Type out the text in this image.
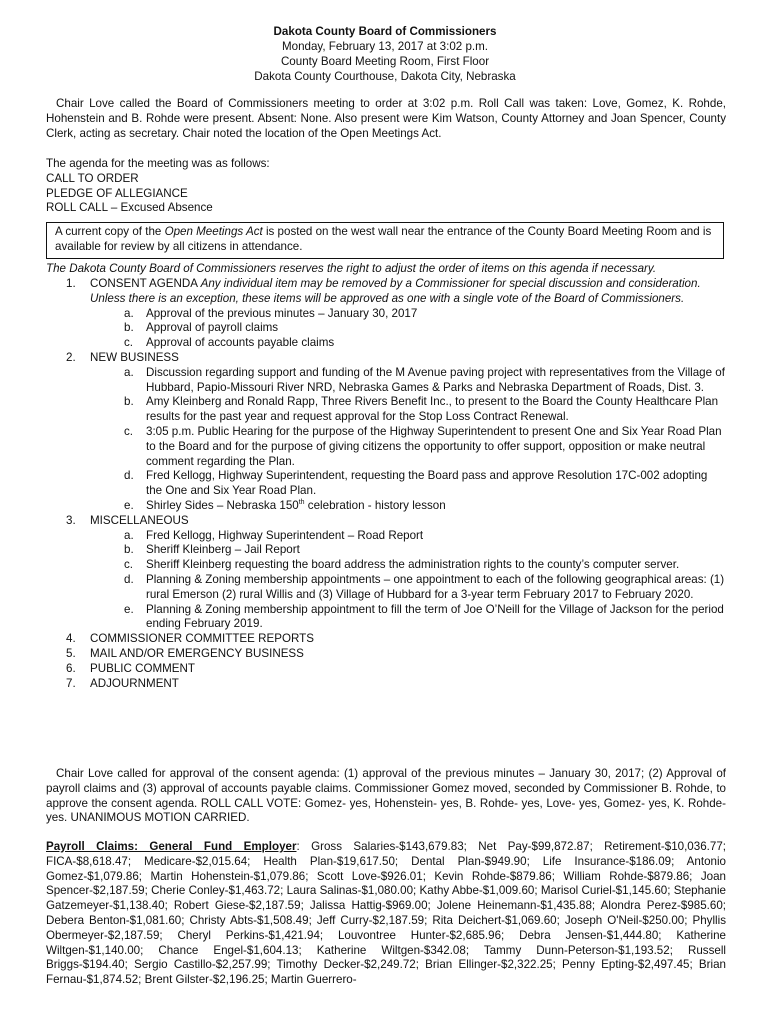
Dakota County Board of Commissioners
Monday, February 13, 2017 at 3:02 p.m.
County Board Meeting Room, First Floor
Dakota County Courthouse, Dakota City, Nebraska

Chair Love called the Board of Commissioners meeting to order at 3:02 p.m. Roll Call was taken: Love, Gomez, K. Rohde, Hohenstein and B. Rohde were present. Absent: None. Also present were Kim Watson, County Attorney and Joan Spencer, County Clerk, acting as secretary. Chair noted the location of the Open Meetings Act.

The agenda for the meeting was as follows:

CALL TO ORDER

PLEDGE OF ALLEGIANCE

ROLL CALL – Excused Absence

A current copy of the Open Meetings Act is posted on the west wall near the entrance of the County Board Meeting Room and is available for review by all citizens in attendance.
The Dakota County Board of Commissioners reserves the right to adjust the order of items on this agenda if necessary.
1. CONSENT AGENDA Any individual item may be removed by a Commissioner for special discussion and consideration. Unless there is an exception, these items will be approved as one with a single vote of the Board of Commissioners.
a. Approval of the previous minutes – January 30, 2017
b. Approval of payroll claims
c. Approval of accounts payable claims
2. NEW BUSINESS
a. Discussion regarding support and funding of the M Avenue paving project with representatives from the Village of Hubbard, Papio-Missouri River NRD, Nebraska Games & Parks and Nebraska Department of Roads, Dist. 3.
b. Amy Kleinberg and Ronald Rapp, Three Rivers Benefit Inc., to present to the Board the County Healthcare Plan results for the past year and request approval for the Stop Loss Contract Renewal.
c. 3:05 p.m. Public Hearing for the purpose of the Highway Superintendent to present One and Six Year Road Plan to the Board and for the purpose of giving citizens the opportunity to offer support, opposition or make neutral comment regarding the Plan.
d. Fred Kellogg, Highway Superintendent, requesting the Board pass and approve Resolution 17C-002 adopting the One and Six Year Road Plan.
e. Shirley Sides – Nebraska 150th celebration - history lesson
3. MISCELLANEOUS
a. Fred Kellogg, Highway Superintendent – Road Report
b. Sheriff Kleinberg – Jail Report
c. Sheriff Kleinberg requesting the board address the administration rights to the county’s computer server.
d. Planning & Zoning membership appointments – one appointment to each of the following geographical areas: (1) rural Emerson (2) rural Willis and (3) Village of Hubbard for a 3-year term February 2017 to February 2020.
e. Planning & Zoning membership appointment to fill the term of Joe O’Neill for the Village of Jackson for the period ending February 2019.
4. COMMISSIONER COMMITTEE REPORTS
5. MAIL AND/OR EMERGENCY BUSINESS
6. PUBLIC COMMENT
7. ADJOURNMENT

Chair Love called for approval of the consent agenda: (1) approval of the previous minutes – January 30, 2017; (2) Approval of payroll claims and (3) approval of accounts payable claims. Commissioner Gomez moved, seconded by Commissioner B. Rohde, to approve the consent agenda. ROLL CALL VOTE: Gomez- yes, Hohenstein- yes, B. Rohde- yes, Love- yes, Gomez- yes, K. Rohde- yes. UNANIMOUS MOTION CARRIED.

Payroll Claims: General Fund Employer: Gross Salaries-$143,679.83; Net Pay-$99,872.87; Retirement-$10,036.77; FICA-$8,618.47; Medicare-$2,015.64; Health Plan-$19,617.50; Dental Plan-$949.90; Life Insurance-$186.09; Antonio Gomez-$1,079.86; Martin Hohenstein-$1,079.86; Scott Love-$926.01; Kevin Rohde-$879.86; William Rohde-$879.86; Joan Spencer-$2,187.59; Cherie Conley-$1,463.72; Laura Salinas-$1,080.00; Kathy Abbe-$1,009.60; Marisol Curiel-$1,145.60; Stephanie Gatzemeyer-$1,138.40; Robert Giese-$2,187.59; Jalissa Hattig-$969.00; Jolene Heinemann-$1,435.88; Alondra Perez-$985.60; Debera Benton-$1,081.60; Christy Abts-$1,508.49; Jeff Curry-$2,187.59; Rita Deichert-$1,069.60; Joseph O'Neil-$250.00; Phyllis Obermeyer-$2,187.59; Cheryl Perkins-$1,421.94; Louvontree Hunter-$2,685.96; Debra Jensen-$1,444.80; Katherine Wiltgen-$1,140.00; Chance Engel-$1,604.13; Katherine Wiltgen-$342.08; Tammy Dunn-Peterson-$1,193.52; Russell Briggs-$194.40; Sergio Castillo-$2,257.99; Timothy Decker-$2,249.72; Brian Ellinger-$2,322.25; Penny Epting-$2,497.45; Brian Fernau-$1,874.52; Brent Gilster-$2,196.25; Martin Guerrero-
